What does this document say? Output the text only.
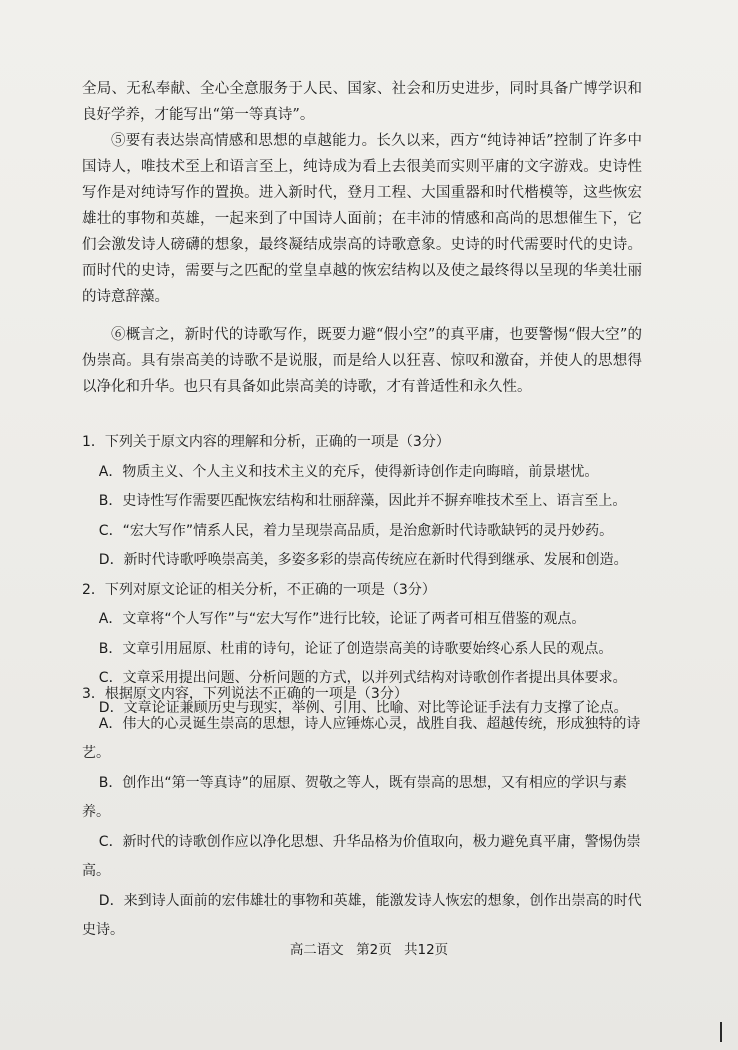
全局、无私奉献、全心全意服务于人民、国家、社会和历史进步，同时具备广博学识和良好学养，才能写出“第一等真诗”。

⑤要有表达崇高情感和思想的卓越能力。长久以来，西方“纯诗神话”控制了许多中国诗人，唯技术至上和语言至上，纯诗成为看上去很美而实则平庸的文字游戏。史诗性写作是对纯诗写作的置换。进入新时代，登月工程、大国重器和时代楷模等，这些恢宏雄壮的事物和英雄，一起来到了中国诗人面前；在丰沛的情感和高尚的思想催生下，它们会激发诗人磅礴的想象，最终凝结成崇高的诗歌意象。史诗的时代需要时代的史诗。而时代的史诗，需要与之匹配的堂皇卓越的恢宏结构以及使之最终得以呈现的华美壮丽的诗意辞藻。

⑥概言之，新时代的诗歌写作，既要力避“假小空”的真平庸，也要警惕“假大空”的伪崇高。具有崇高美的诗歌不是说服，而是给人以狂喜、惊叹和激奋，并使人的思想得以净化和升华。也只有具备如此崇高美的诗歌，才有普适性和永久性。

1．下列关于原文内容的理解和分析，正确的一项是（3分）
A．物质主义、个人主义和技术主义的充斥，使得新诗创作走向晦暗，前景堪忧。
B．史诗性写作需要匹配恢宏结构和壮丽辞藻，因此并不摒弃唯技术至上、语言至上。
C．“宏大写作”情系人民，着力呈现崇高品质，是治愈新时代诗歌缺钙的灵丹妙药。
D．新时代诗歌呼唤崇高美，多姿多彩的崇高传统应在新时代得到继承、发展和创造。
2．下列对原文论证的相关分析，不正确的一项是（3分）
A．文章将“个人写作”与“宏大写作”进行比较，论证了两者可相互借鉴的观点。
B．文章引用屈原、杜甫的诗句，论证了创造崇高美的诗歌要始终心系人民的观点。
C．文章采用提出问题、分析问题的方式，以并列式结构对诗歌创作者提出具体要求。
D．文章论证兼顾历史与现实，举例、引用、比喻、对比等论证手法有力支撑了论点。
3．根据原文内容，下列说法不正确的一项是（3分）
A．伟大的心灵诞生崇高的思想，诗人应锤炼心灵，战胜自我、超越传统，形成独特的诗艺。
B．创作出“第一等真诗”的屈原、贺敬之等人，既有崇高的思想，又有相应的学识与素养。
C．新时代的诗歌创作应以净化思想、升华品格为价值取向，极力避免真平庸，警惕伪崇高。
D．来到诗人面前的宏伟雄壮的事物和英雄，能激发诗人恢宏的想象，创作出崇高的时代史诗。
高二语文 第2页 共12页
